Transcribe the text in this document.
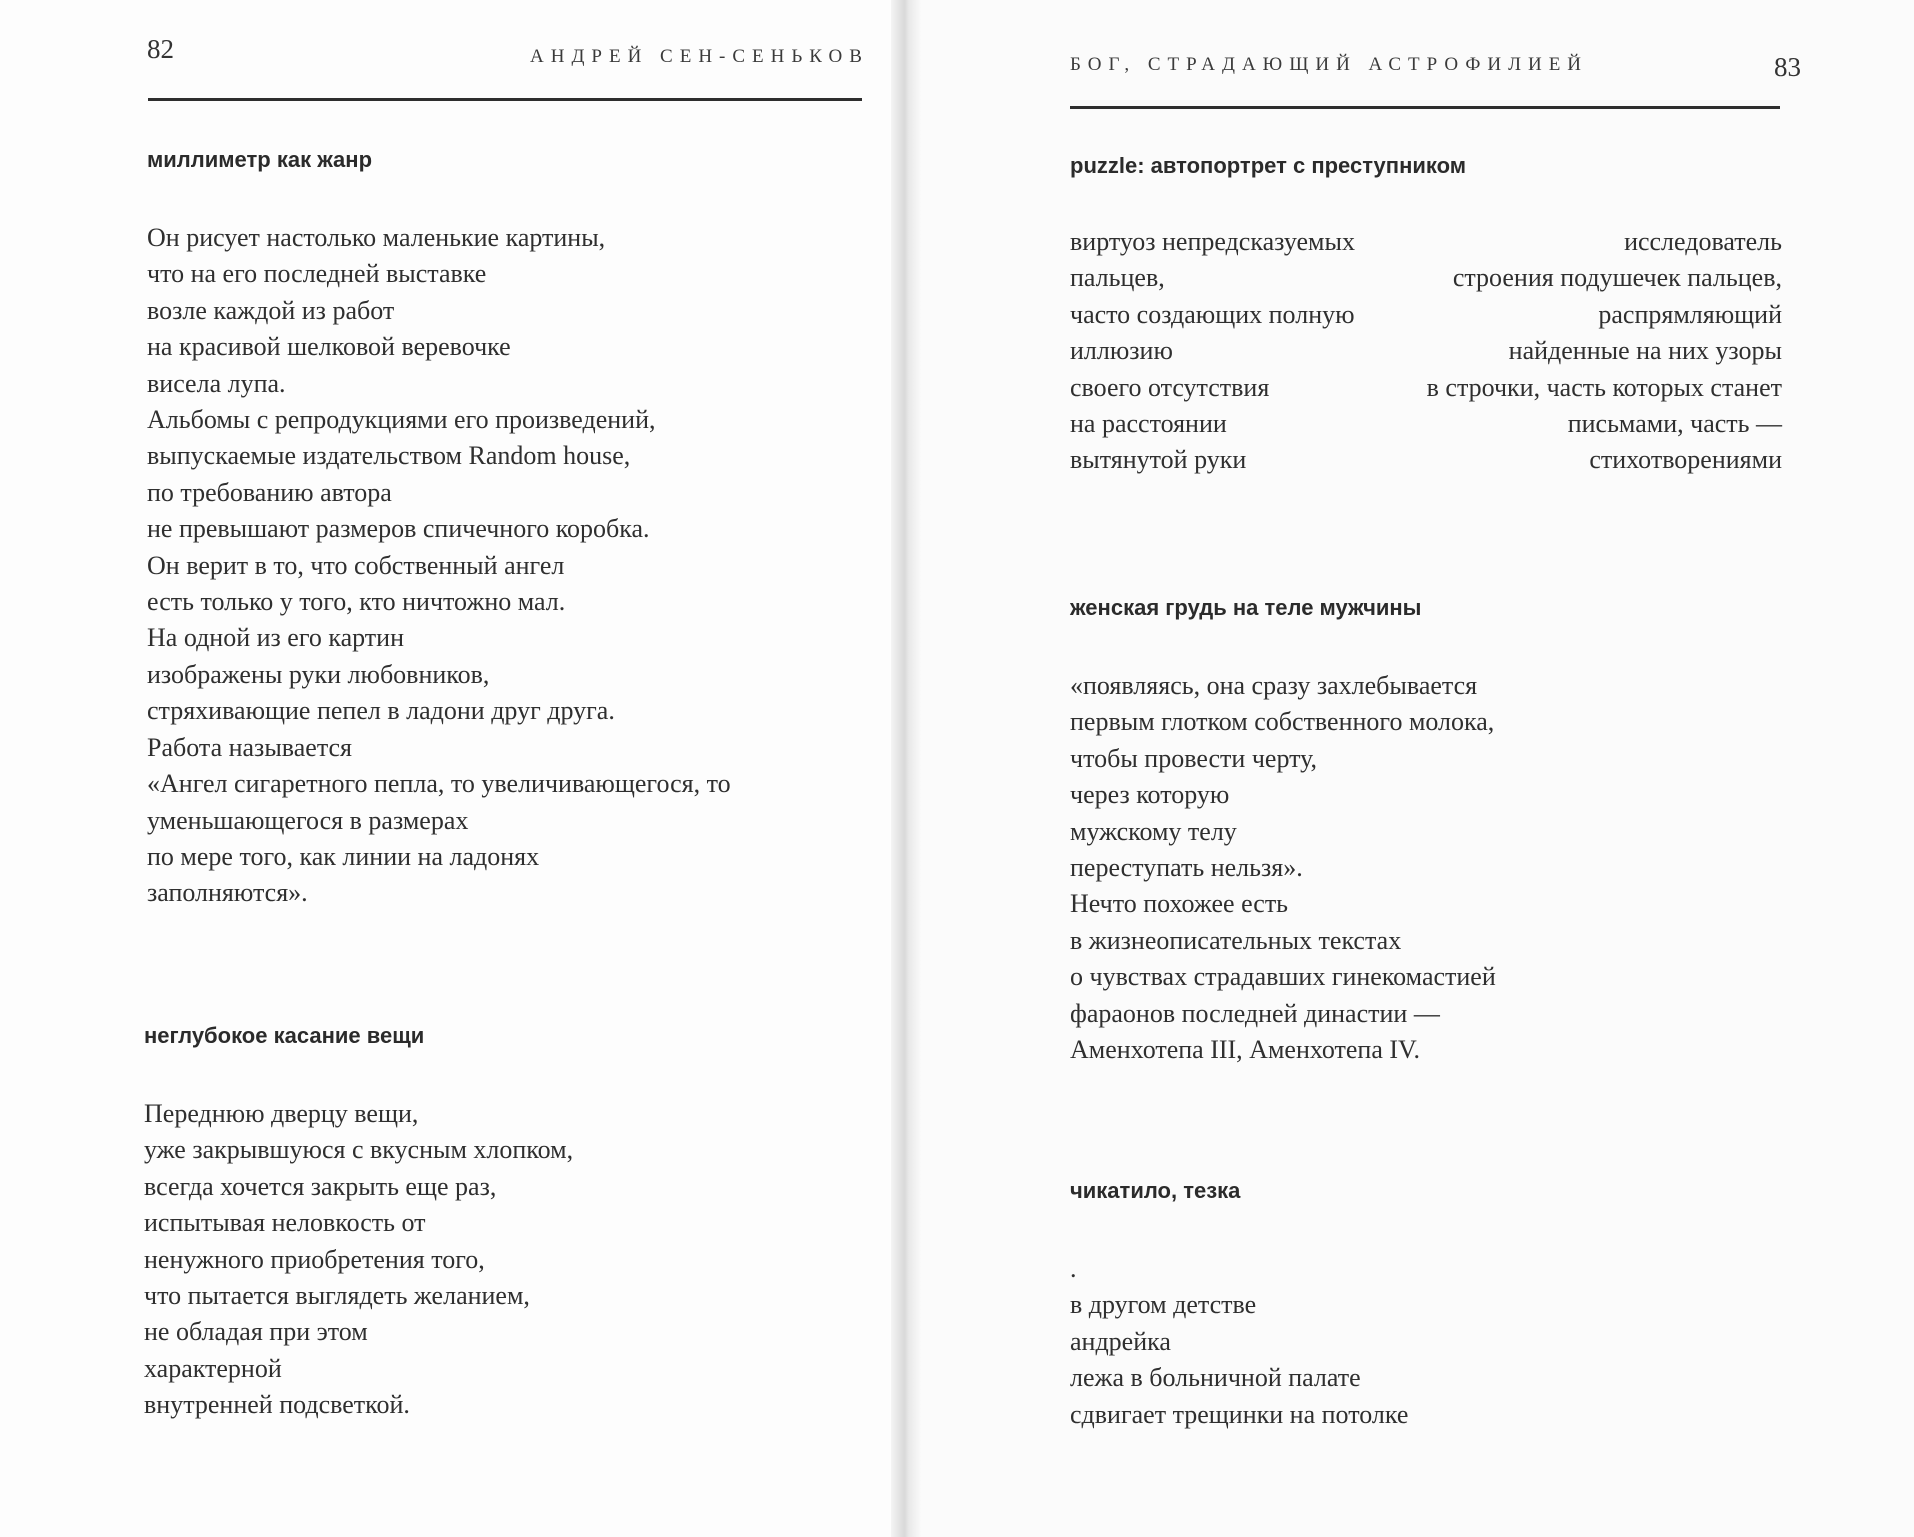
82	АНДРЕЙ СЕН-СЕНЬКОВ
миллиметр как жанр
Он рисует настолько маленькие картины,
что на его последней выставке
возле каждой из работ
на красивой шелковой веревочке
висела лупа.
Альбомы с репродукциями его произведений,
выпускаемые издательством Random house,
по требованию автора
не превышают размеров спичечного коробка.
Он верит в то, что собственный ангел
есть только у того, кто ничтожно мал.
На одной из его картин
изображены руки любовников,
стряхивающие пепел в ладони друг друга.
Работа называется
«Ангел сигаретного пепла, то увеличивающегося, то
уменьшающегося в размерах
по мере того, как линии на ладонях
заполняются».
неглубокое касание вещи
Переднюю дверцу вещи,
уже закрывшуюся с вкусным хлопком,
всегда хочется закрыть еще раз,
испытывая неловкость от
ненужного приобретения того,
что пытается выглядеть желанием,
не обладая при этом
характерной
внутренней подсветкой.
БОГ, СТРАДАЮЩИЙ АСТРОФИЛИЕЙ	83
puzzle: автопортрет с преступником
виртуоз непредсказуемых
пальцев,
часто создающих полную
иллюзию
своего отсутствия
на расстоянии
вытянутой руки
исследователь
строения подушечек пальцев,
распрямляющий
найденные на них узоры
в строчки, часть которых станет
письмами, часть —
стихотворениями
женская грудь на теле мужчины
«появляясь, она сразу захлебывается
первым глотком собственного молока,
чтобы провести черту,
через которую
мужскому телу
переступать нельзя».
Нечто похожее есть
в жизнеописательных текстах
о чувствах страдавших гинекомастией
фараонов последней династии —
Аменхотепа III, Аменхотепа IV.
чикатило, тезка
.
в другом детстве
андрейка
лежа в больничной палате
сдвигает трещинки на потолке
